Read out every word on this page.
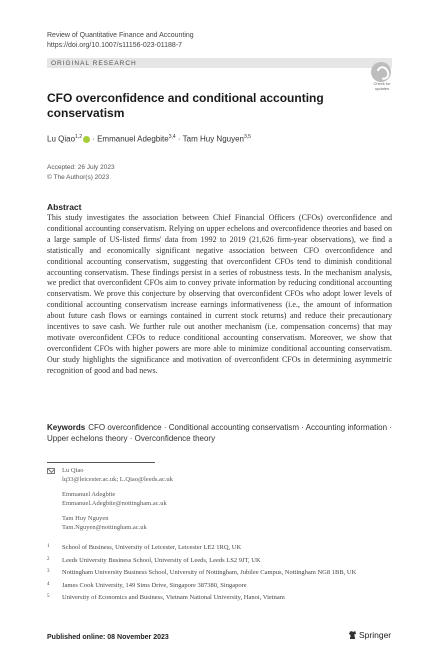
Review of Quantitative Finance and Accounting
https://doi.org/10.1007/s11156-023-01188-7
ORIGINAL RESEARCH
Check for
updates
CFO overconfidence and conditional accounting
conservatism
Lu Qiao$^{1,2}$ · Emmanuel Adegbite$^{3,4}$ · Tam Huy Nguyen$^{3,5}$
Accepted: 26 July 2023
© The Author(s) 2023
Abstract
This study investigates the association between Chief Financial Officers (CFOs) overconfidence and conditional accounting conservatism. Relying on upper echelons and overconfidence theories and based on a large sample of US-listed firms' data from 1992 to 2019 (21,626 firm-year observations), we find a statistically and economically significant negative association between CFO overconfidence and conditional accounting conservatism, suggesting that overconfident CFOs tend to diminish conditional accounting conservatism. These findings persist in a series of robustness tests. In the mechanism analysis, we predict that overconfident CFOs aim to convey private information by reducing conditional accounting conservatism. We prove this conjecture by observing that overconfident CFOs who adopt lower levels of conditional accounting conservatism increase earnings informativeness (i.e., the amount of information about future cash flows or earnings contained in current stock returns) and reduce their precautionary incentives to save cash. We further rule out another mechanism (i.e. compensation concerns) that may motivate overconfident CFOs to reduce conditional accounting conservatism. Moreover, we show that overconfident CFOs with higher powers are more able to minimize conditional accounting conservatism. Our study highlights the significance and motivation of overconfident CFOs in determining asymmetric recognition of good and bad news.
Keywords CFO overconfidence · Conditional accounting conservatism · Accounting information · Upper echelons theory · Overconfidence theory
Lu Qiao
lq33@leicester.ac.uk; L.Qiao@leeds.ac.uk
Emmanuel Adegbite
Emmanuel.Adegbite@nottingham.ac.uk
Tam Huy Nguyen
Tam.Nguyen@nottingham.ac.uk
1 School of Business, University of Leicester, Leicester LE2 1RQ, UK
2 Leeds University Business School, University of Leeds, Leeds LS2 9JT, UK
3 Nottingham University Business School, University of Nottingham, Jubilee Campus, Nottingham NG8 1BB, UK
4 James Cook University, 149 Sims Drive, Singapore 387380, Singapore
5 University of Economics and Business, Vietnam National University, Hanoi, Vietnam
Published online: 08 November 2023	Springer
